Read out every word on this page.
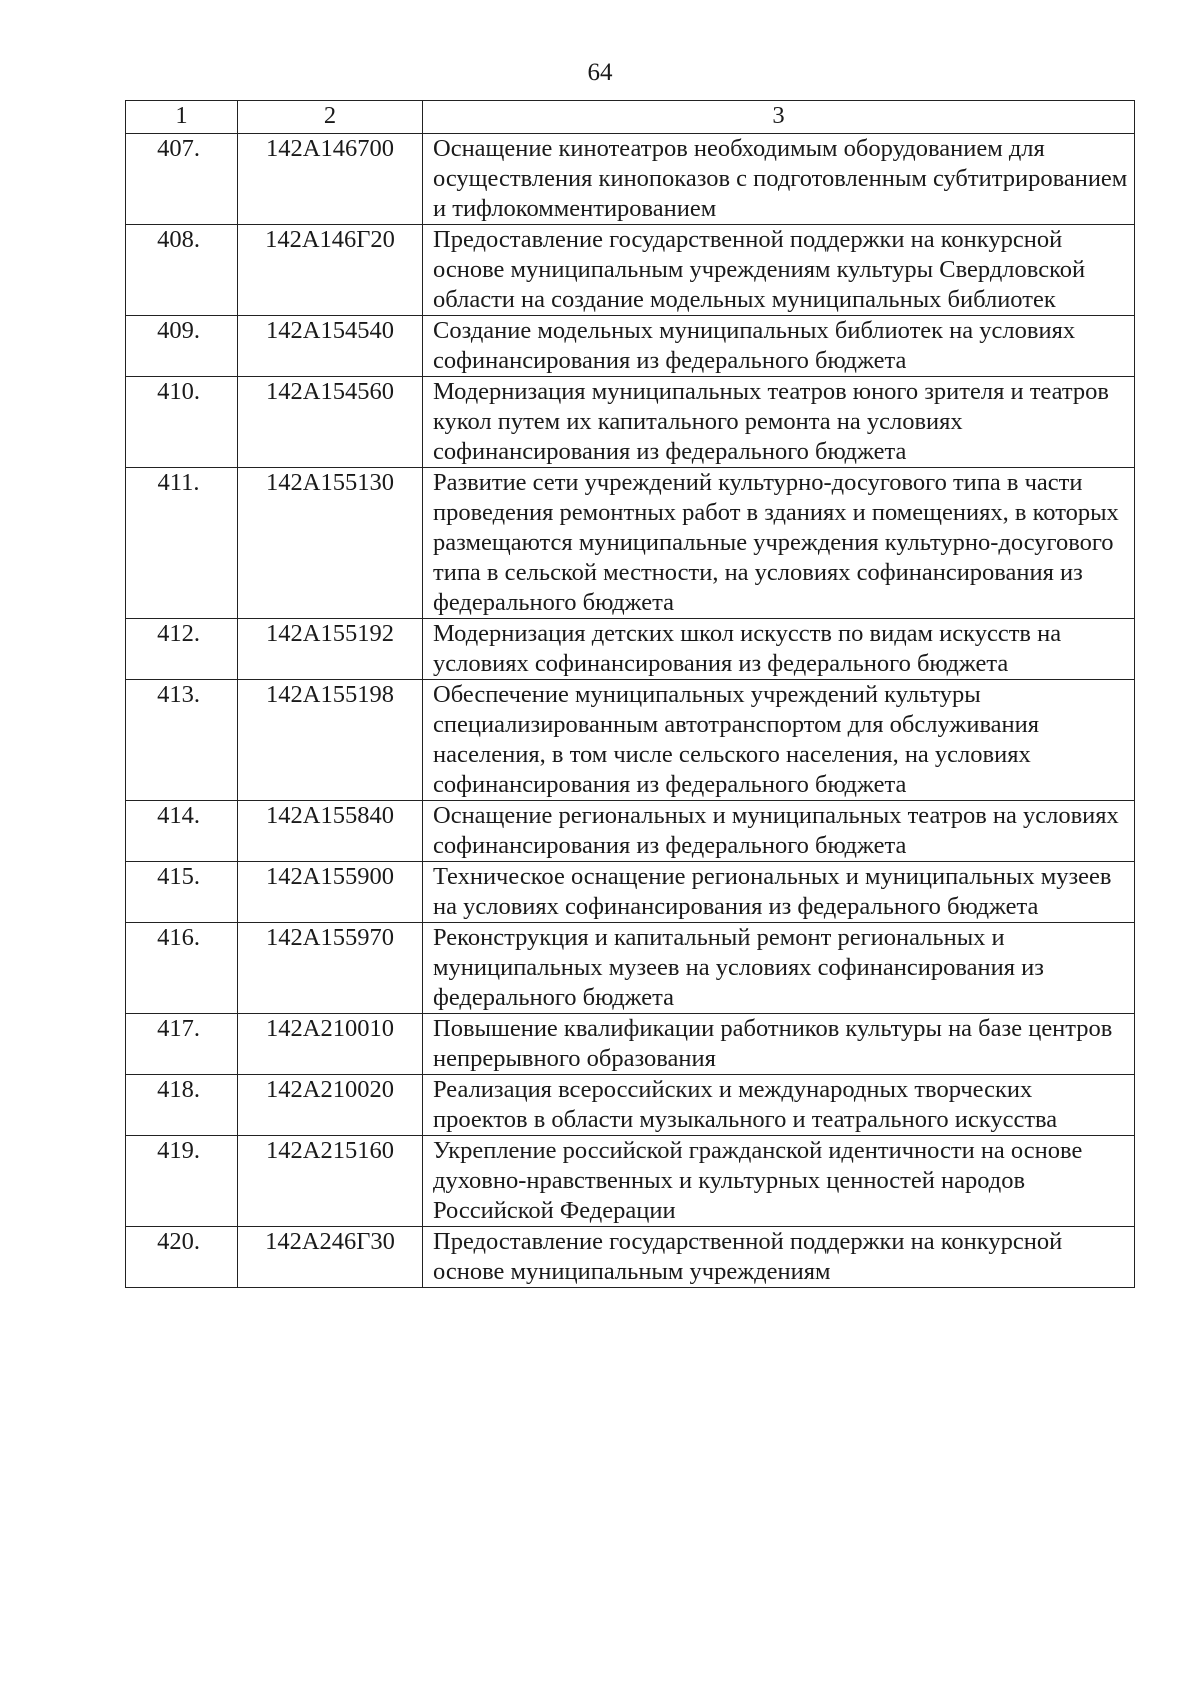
64
1	2	3
407.	142A146700	Оснащение кинотеатров необходимым оборудованием для осуществления кинопоказов с подготовленным субтитрированием и тифлокомментированием
408.	142A146Г20	Предоставление государственной поддержки на конкурсной основе муниципальным учреждениям культуры Свердловской области на создание модельных муниципальных библиотек
409.	142A154540	Создание модельных муниципальных библиотек на условиях софинансирования из федерального бюджета
410.	142A154560	Модернизация муниципальных театров юного зрителя и театров кукол путем их капитального ремонта на условиях софинансирования из федерального бюджета
411.	142A155130	Развитие сети учреждений культурно-досугового типа в части проведения ремонтных работ в зданиях и помещениях, в которых размещаются муниципальные учреждения культурно-досугового типа в сельской местности, на условиях софинансирования из федерального бюджета
412.	142A155192	Модернизация детских школ искусств по видам искусств на условиях софинансирования из федерального бюджета
413.	142A155198	Обеспечение муниципальных учреждений культуры специализированным автотранспортом для обслуживания населения, в том числе сельского населения, на условиях софинансирования из федерального бюджета
414.	142A155840	Оснащение региональных и муниципальных театров на условиях софинансирования из федерального бюджета
415.	142A155900	Техническое оснащение региональных и муниципальных музеев на условиях софинансирования из федерального бюджета
416.	142A155970	Реконструкция и капитальный ремонт региональных и муниципальных музеев на условиях софинансирования из федерального бюджета
417.	142A210010	Повышение квалификации работников культуры на базе центров непрерывного образования
418.	142A210020	Реализация всероссийских и международных творческих проектов в области музыкального и театрального искусства
419.	142A215160	Укрепление российской гражданской идентичности на основе духовно-нравственных и культурных ценностей народов Российской Федерации
420.	142A246Г30	Предоставление государственной поддержки на конкурсной основе муниципальным учреждениям
